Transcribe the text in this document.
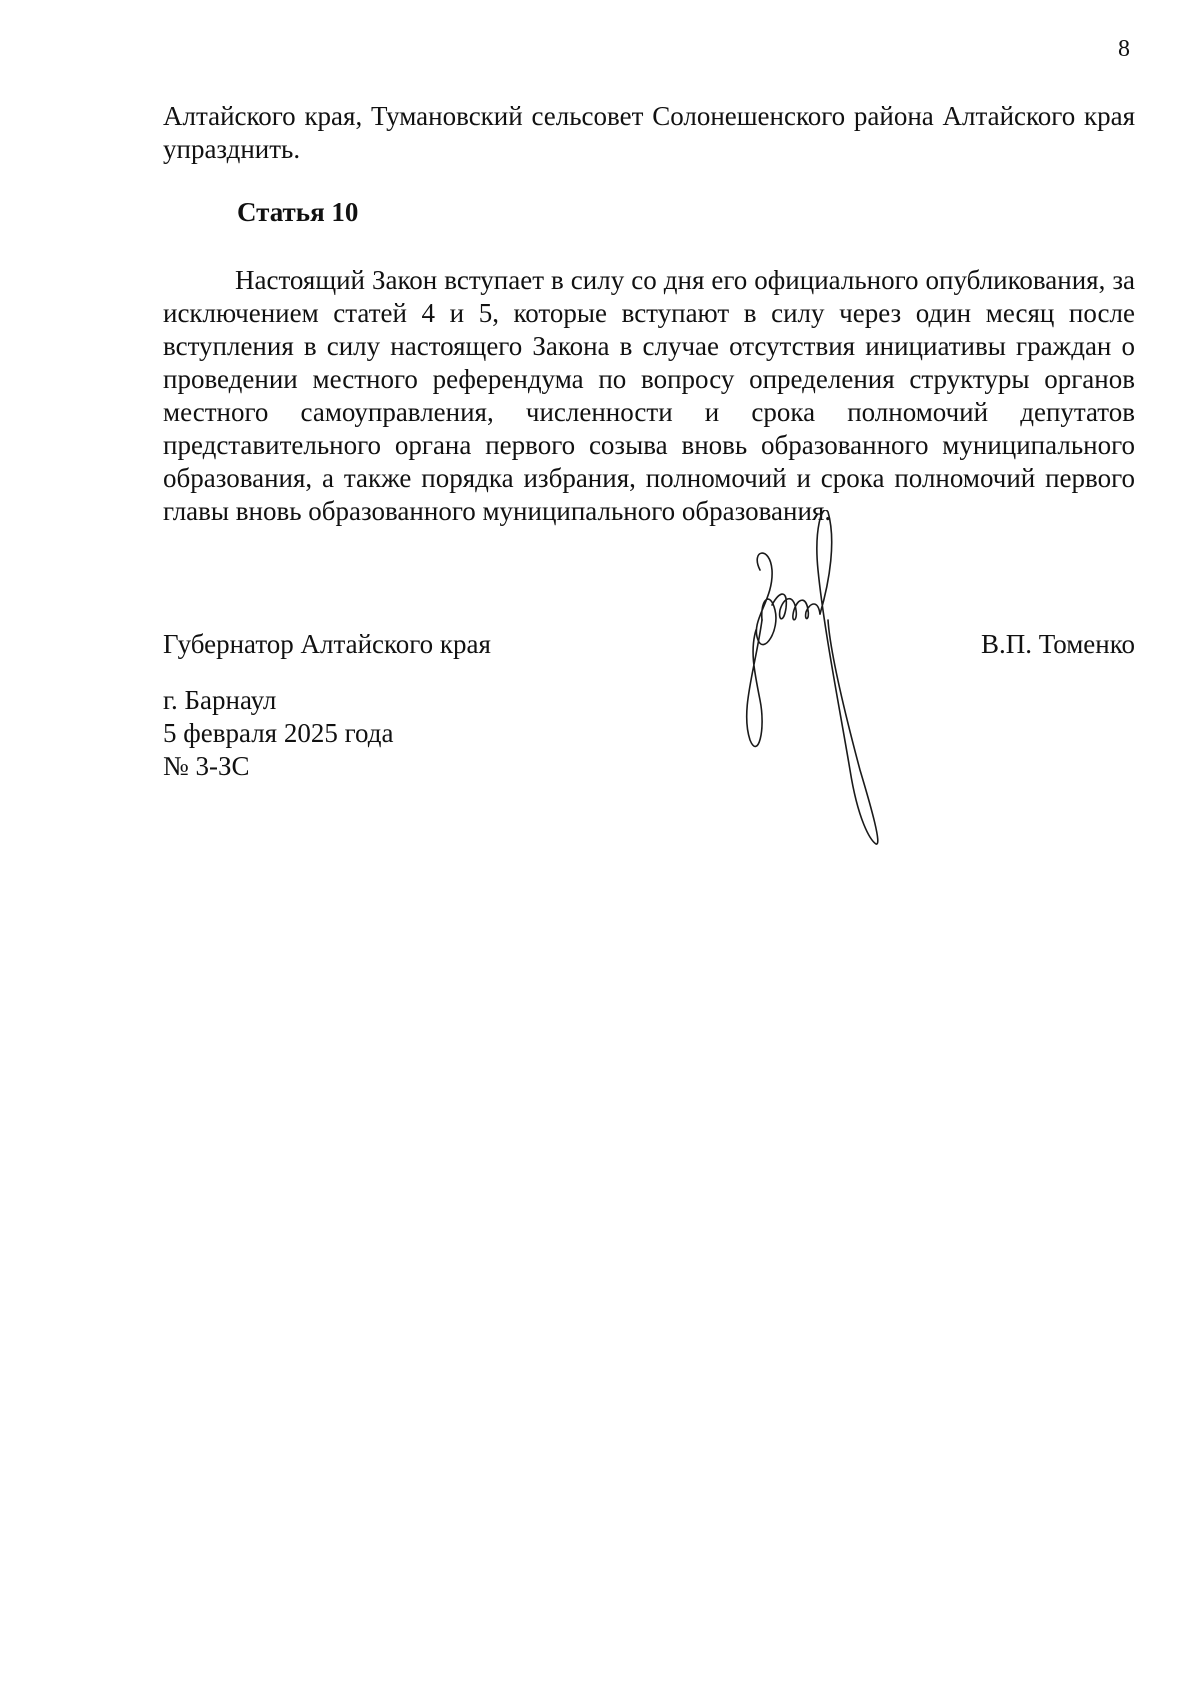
8

Алтайского края, Тумановский сельсовет Солонешенского района Алтайского края упразднить.

Статья 10

Настоящий Закон вступает в силу со дня его официального опубликования, за исключением статей 4 и 5, которые вступают в силу через один месяц после вступления в силу настоящего Закона в случае отсутствия инициативы граждан о проведении местного референдума по вопросу определения структуры органов местного самоуправления, численности и срока полномочий депутатов представительного органа первого созыва вновь образованного муниципального образования, а также порядка избрания, полномочий и срока полномочий первого главы вновь образованного муниципального образования.

Губернатор Алтайского края	В.П. Томенко
г. Барнаул
5 февраля 2025 года
№ 3-ЗС
